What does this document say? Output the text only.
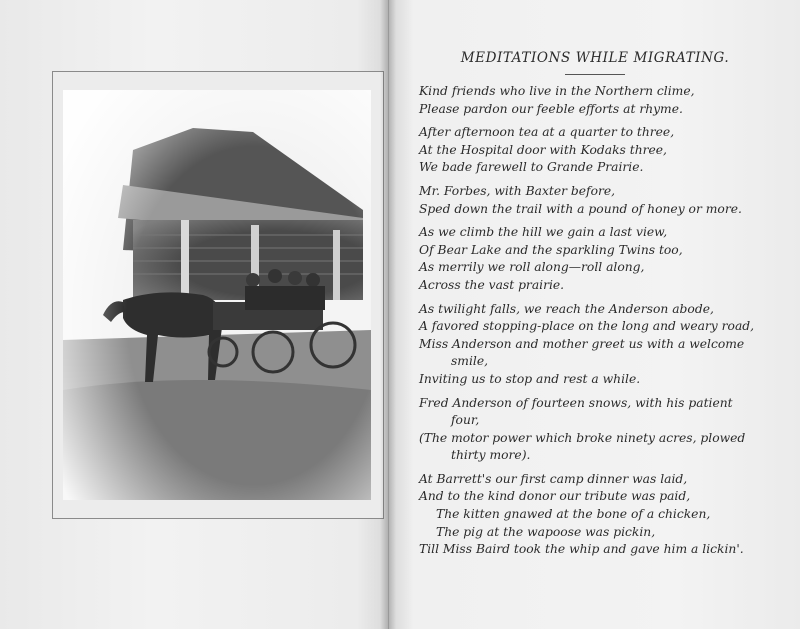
MEDITATIONS WHILE MIGRATING.
Kind friends who live in the Northern clime,
Please pardon our feeble efforts at rhyme.
After afternoon tea at a quarter to three,
At the Hospital door with Kodaks three,
We bade farewell to Grande Prairie.
Mr. Forbes, with Baxter before,
Sped down the trail with a pound of honey or more.
As we climb the hill we gain a last view,
Of Bear Lake and the sparkling Twins too,
As merrily we roll along—roll along,
Across the vast prairie.
As twilight falls, we reach the Anderson abode,
A favored stopping-place on the long and weary road,
Miss Anderson and mother greet us with a welcome
smile,
Inviting us to stop and rest a while.
Fred Anderson of fourteen snows, with his patient
four,
(The motor power which broke ninety acres, plowed
thirty more).
At Barrett's our first camp dinner was laid,
And to the kind donor our tribute was paid,
The kitten gnawed at the bone of a chicken,
The pig at the wapoose was pickin,
Till Miss Baird took the whip and gave him a lickin'.
